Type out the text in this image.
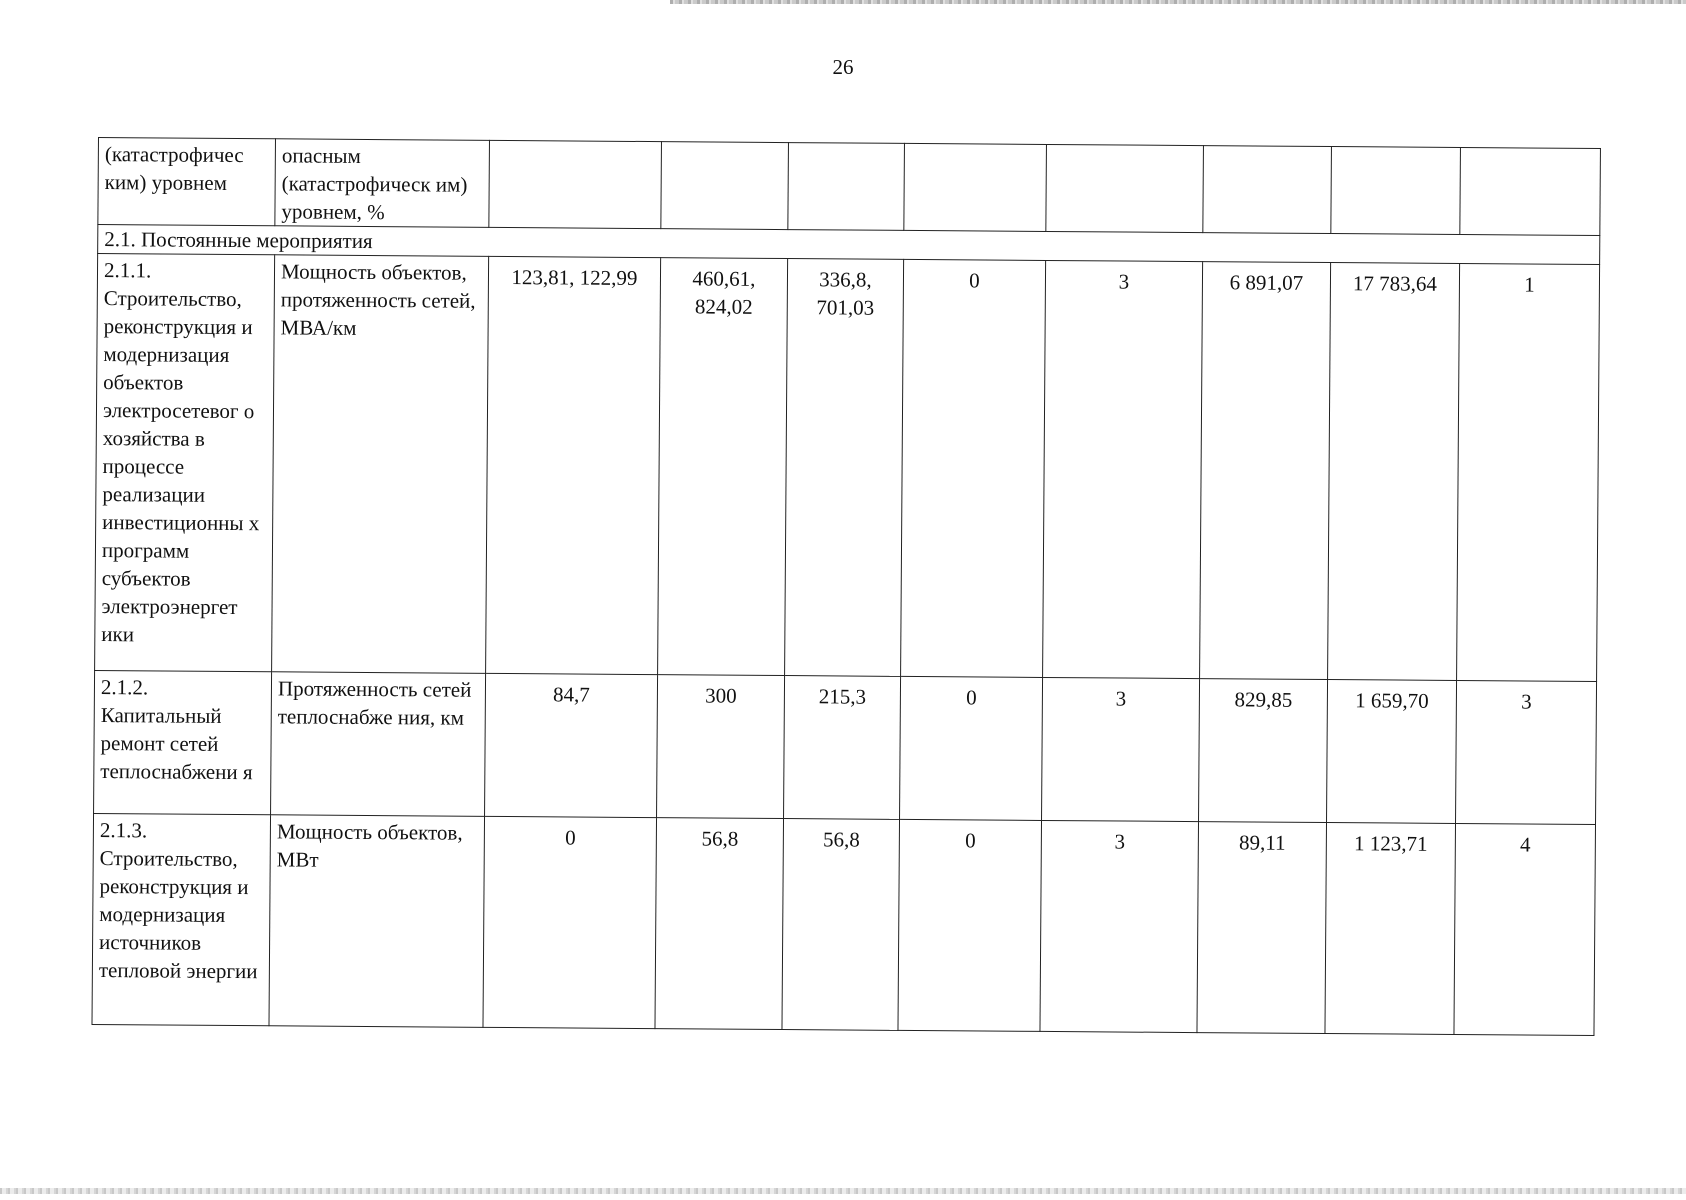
26
(катастрофичес ким) уровнем	опасным (катастрофическ им) уровнем, %								
2.1. Постоянные мероприятия									
2.1.1. Строительство, реконструкция и модернизация объектов электросетевог о хозяйства в процессе реализации инвестиционны х программ субъектов электроэнергет ики	Мощность объектов, протяженность сетей, МВА/км	123,81, 122,99	460,61, 824,02	336,8, 701,03	0	3	6 891,07	17 783,64	1
2.1.2. Капитальный ремонт сетей теплоснабжени я	Протяженность сетей теплоснабже ния, км	84,7	300	215,3	0	3	829,85	1 659,70	3
2.1.3. Строительство, реконструкция и модернизация источников тепловой энергии	Мощность объектов, МВт	0	56,8	56,8	0	3	89,11	1 123,71	4
